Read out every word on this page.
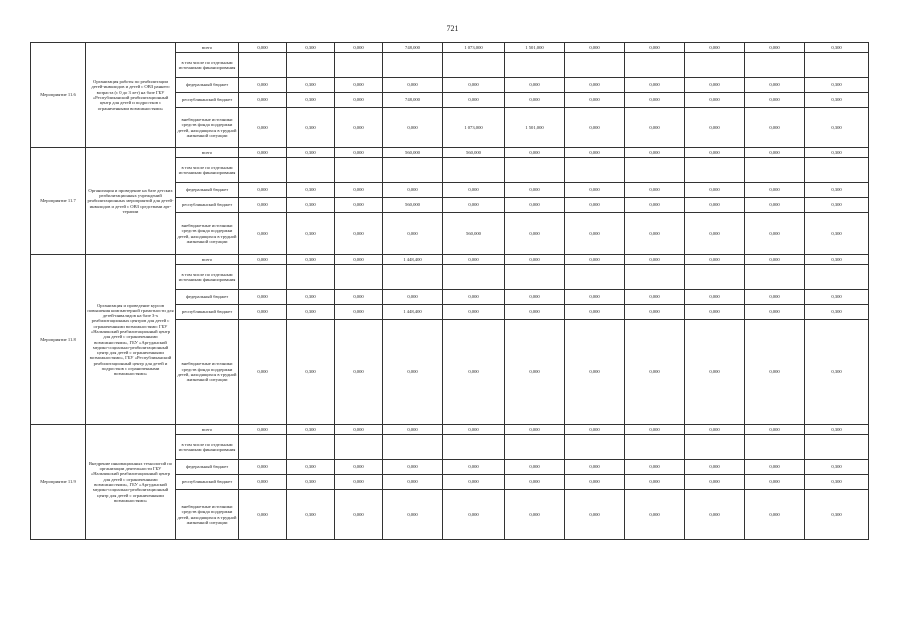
721
Мероприятие 11.6	Организация работы по реабилитации детей-инвалидов и детей с ОВЗ раннего возраста (с 0 до 3 лет) на базе ГБУ «Республиканский реабилитационный центр для детей и подростков с ограниченными возможностями»	всего	0,000	0,300	0,000	748,000	1 073,000	1 501,000	0,000	0,000	0,000	0,000	0,300
		в том числе по отдельным источникам финансирования											
		федеральный бюджет	0,000	0,300	0,000	0,000	0,000	0,000	0,000	0,000	0,000	0,000	0,300
		республиканский бюджет	0,000	0,300	0,000	748,000	0,000	0,000	0,000	0,000	0,000	0,000	0,300
		внебюджетные источники средств фонда поддержки детей, находящихся в трудной жизненной ситуации	0,000	0,300	0,000	0,000	1 073,000	1 501,000	0,000	0,000	0,000	0,000	0,300
Мероприятие 11.7	Организация и проведение на базе детских реабилитационных учреждений реабилитационных мероприятий для детей-инвалидов и детей с ОВЗ средствами арт-терапии	всего	0,000	0,300	0,000	560,000	560,000	0,000	0,000	0,000	0,000	0,000	0,300
		в том числе по отдельным источникам финансирования											
		федеральный бюджет	0,000	0,300	0,000	0,000	0,000	0,000	0,000	0,000	0,000	0,000	0,300
		республиканский бюджет	0,000	0,300	0,000	560,000	0,000	0,000	0,000	0,000	0,000	0,000	0,300
		внебюджетные источники средств фонда поддержки детей, находящихся в трудной жизненной ситуации	0,000	0,300	0,000	0,000	560,000	0,000	0,000	0,000	0,000	0,000	0,300
Мероприятие 11.8	Организация и проведение курсов повышения компьютерной грамотности для детей-инвалидов на базе 3-х реабилитационных центров для детей с ограниченными возможностями: ГБУ «Нальчикский реабилитационный центр для детей с ограниченными возможностями», ГБУ «Аргуданский медико-социально-реабилитационный центр для детей с ограниченными возможностями», ГБУ «Республиканский реабилитационный центр для детей и подростков с ограниченными возможностями»	всего	0,000	0,300	0,000	1 448,400	0,000	0,000	0,000	0,000	0,000	0,000	0,300
		в том числе по отдельным источникам финансирования											
		федеральный бюджет	0,000	0,300	0,000	0,000	0,000	0,000	0,000	0,000	0,000	0,000	0,300
		республиканский бюджет	0,000	0,300	0,000	1 448,400	0,000	0,000	0,000	0,000	0,000	0,000	0,300
		внебюджетные источники средств фонда поддержки детей, находящихся в трудной жизненной ситуации	0,000	0,300	0,000	0,000	0,000	0,000	0,000	0,000	0,000	0,000	0,300
Мероприятие 11.9	Внедрение инновационных технологий по организации деятельности ГБУ «Нальчикский реабилитационный центр для детей с ограниченными возможностями», ГБУ «Аргуданский медико-социально-реабилитационный центр для детей с ограниченными возможностями»	всего	0,000	0,300	0,000	0,000	0,000	0,000	0,000	0,000	0,000	0,000	0,300
		в том числе по отдельным источникам финансирования											
		федеральный бюджет	0,000	0,300	0,000	0,000	0,000	0,000	0,000	0,000	0,000	0,000	0,300
		республиканский бюджет	0,000	0,300	0,000	0,000	0,000	0,000	0,000	0,000	0,000	0,000	0,300
		внебюджетные источники средств фонда поддержки детей, находящихся в трудной жизненной ситуации	0,000	0,300	0,000	0,000	0,000	0,000	0,000	0,000	0,000	0,000	0,300
